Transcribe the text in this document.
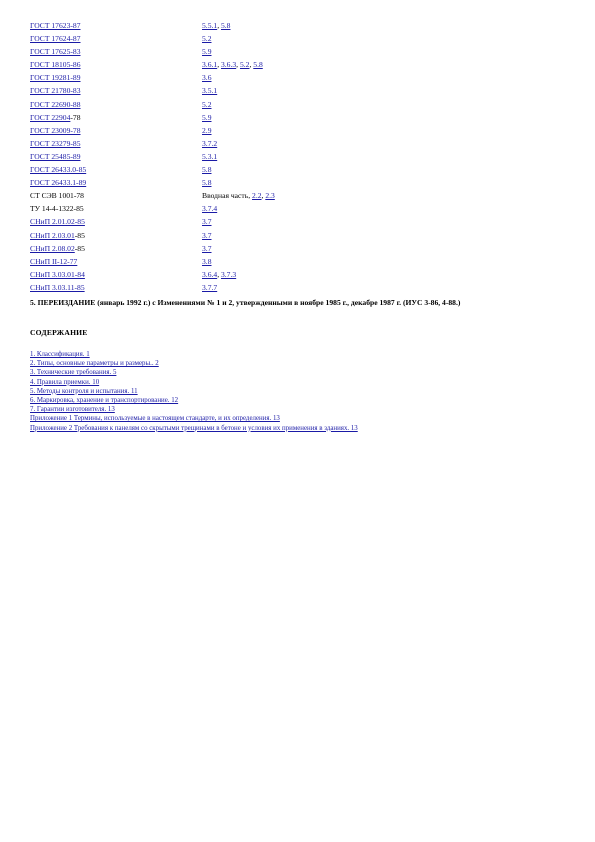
ГОСТ 17623-87	5.5.1, 5.8
ГОСТ 17624-87	5.2
ГОСТ 17625-83	5.9
ГОСТ 18105-86	3.6.1, 3.6.3, 5.2, 5.8
ГОСТ 19281-89	3.6
ГОСТ 21780-83	3.5.1
ГОСТ 22690-88	5.2
ГОСТ 22904-78	5.9
ГОСТ 23009-78	2.9
ГОСТ 23279-85	3.7.2
ГОСТ 25485-89	5.3.1
ГОСТ 26433.0-85	5.8
ГОСТ 26433.1-89	5.8
СТ СЭВ 1001-78	Вводная часть, 2.2, 2.3
ТУ 14-4-1322-85	3.7.4
СНиП 2.01.02-85	3.7
СНиП 2.03.01-85	3.7
СНиП 2.08.02-85	3.7
СНиП II-12-77	3.8
СНиП 3.03.01-84	3.6.4, 3.7.3
СНиП 3.03.11-85	3.7.7
5. ПЕРЕИЗДАНИЕ (январь 1992 г.) с Изменениями № 1 и 2, утвержденными в ноябре 1985 г., декабре 1987 г. (ИУС 3-86, 4-88.)
СОДЕРЖАНИЕ
1. Классификация. 1
2. Типы, основные параметры и размеры.. 2
3. Технические требования. 5
4. Правила приемки. 10
5. Методы контроля и испытания. 11
6. Маркировка, хранение и транспортирование. 12
7. Гарантии изготовителя. 13
Приложение 1 Термины, используемые в настоящем стандарте, и их определения. 13
Приложение 2 Требования к панелям со скрытыми трещинами в бетоне и условия их применения в зданиях. 13
